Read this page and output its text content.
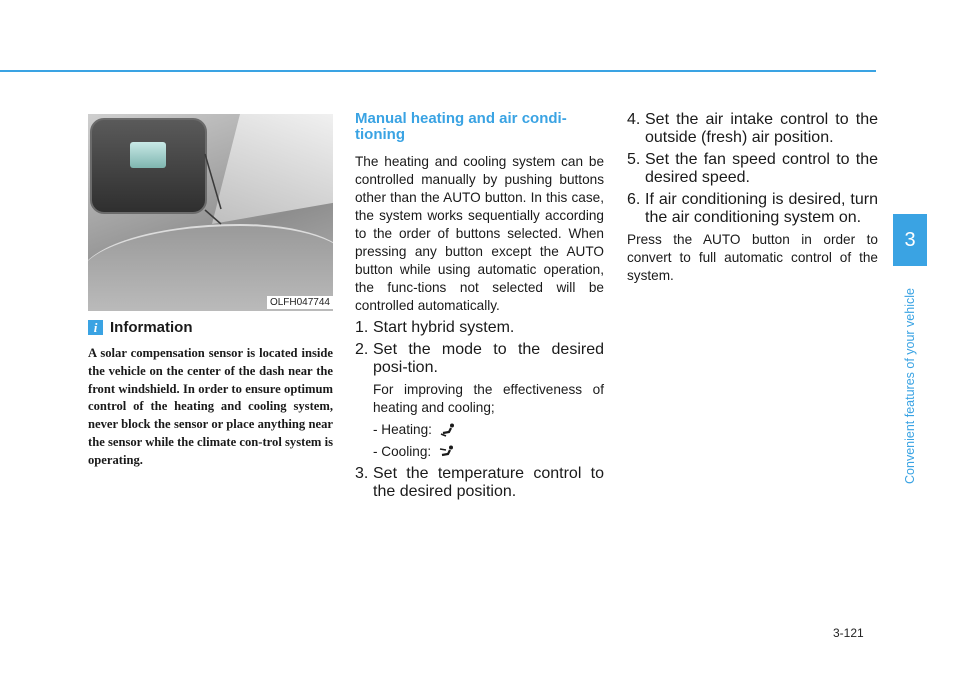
OLFH047744
i Information

A solar compensation sensor is located inside the vehicle on the center of the dash near the front windshield. In order to ensure optimum control of the heating and cooling system, never block the sensor or place anything near the sensor while the climate con-trol system is operating.

Manual heating and air condi-tioning

The heating and cooling system can be controlled manually by pushing buttons other than the AUTO button. In this case, the system works sequentially according to the order of buttons selected. When pressing any button except the AUTO button while using automatic operation, the func-tions not selected will be controlled automatically.

1. Start hybrid system.
2. Set the mode to the desired posi-tion.

For improving the effectiveness of heating and cooling;

- Heating:
- Cooling:
3. Set the temperature control to the desired position.
4. Set the air intake control to the outside (fresh) air position.
5. Set the fan speed control to the desired speed.
6. If air conditioning is desired, turn the air conditioning system on.

Press the AUTO button in order to convert to full automatic control of the system.

3
Convenient features of your vehicle
3-121
